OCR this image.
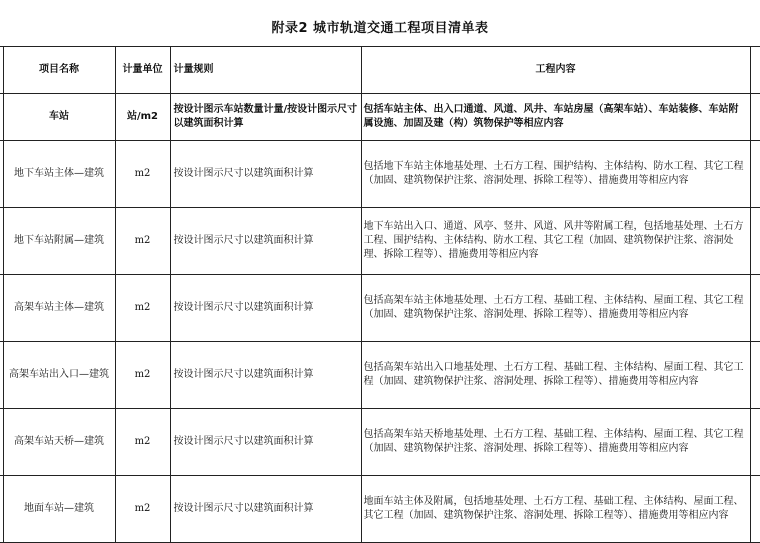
附录2 城市轨道交通工程项目清单表
	项目名称	计量单位	计量规则	工程内容	
	车站	站/m2	按设计图示车站数量计量/按设计图示尺寸以建筑面积计算	包括车站主体、出入口通道、风道、风井、车站房屋（高架车站）、车站装修、车站附属设施、加固及建（构）筑物保护等相应内容	
	地下车站主体—建筑	m2	按设计图示尺寸以建筑面积计算	包括地下车站主体地基处理、土石方工程、围护结构、主体结构、防水工程、其它工程（加固、建筑物保护注浆、溶洞处理、拆除工程等）、措施费用等相应内容	
	地下车站附属—建筑	m2	按设计图示尺寸以建筑面积计算	地下车站出入口、通道、风亭、竖井、风道、风井等附属工程，包括地基处理、土石方工程、围护结构、主体结构、防水工程、其它工程（加固、建筑物保护注浆、溶洞处理、拆除工程等）、措施费用等相应内容	
	高架车站主体—建筑	m2	按设计图示尺寸以建筑面积计算	包括高架车站主体地基处理、土石方工程、基础工程、主体结构、屋面工程、其它工程（加固、建筑物保护注浆、溶洞处理、拆除工程等）、措施费用等相应内容	
	高架车站出入口—建筑	m2	按设计图示尺寸以建筑面积计算	包括高架车站出入口地基处理、土石方工程、基础工程、主体结构、屋面工程、其它工程（加固、建筑物保护注浆、溶洞处理、拆除工程等）、措施费用等相应内容	
	高架车站天桥—建筑	m2	按设计图示尺寸以建筑面积计算	包括高架车站天桥地基处理、土石方工程、基础工程、主体结构、屋面工程、其它工程（加固、建筑物保护注浆、溶洞处理、拆除工程等）、措施费用等相应内容	
	地面车站—建筑	m2	按设计图示尺寸以建筑面积计算	地面车站主体及附属，包括地基处理、土石方工程、基础工程、主体结构、屋面工程、其它工程（加固、建筑物保护注浆、溶洞处理、拆除工程等）、措施费用等相应内容	
